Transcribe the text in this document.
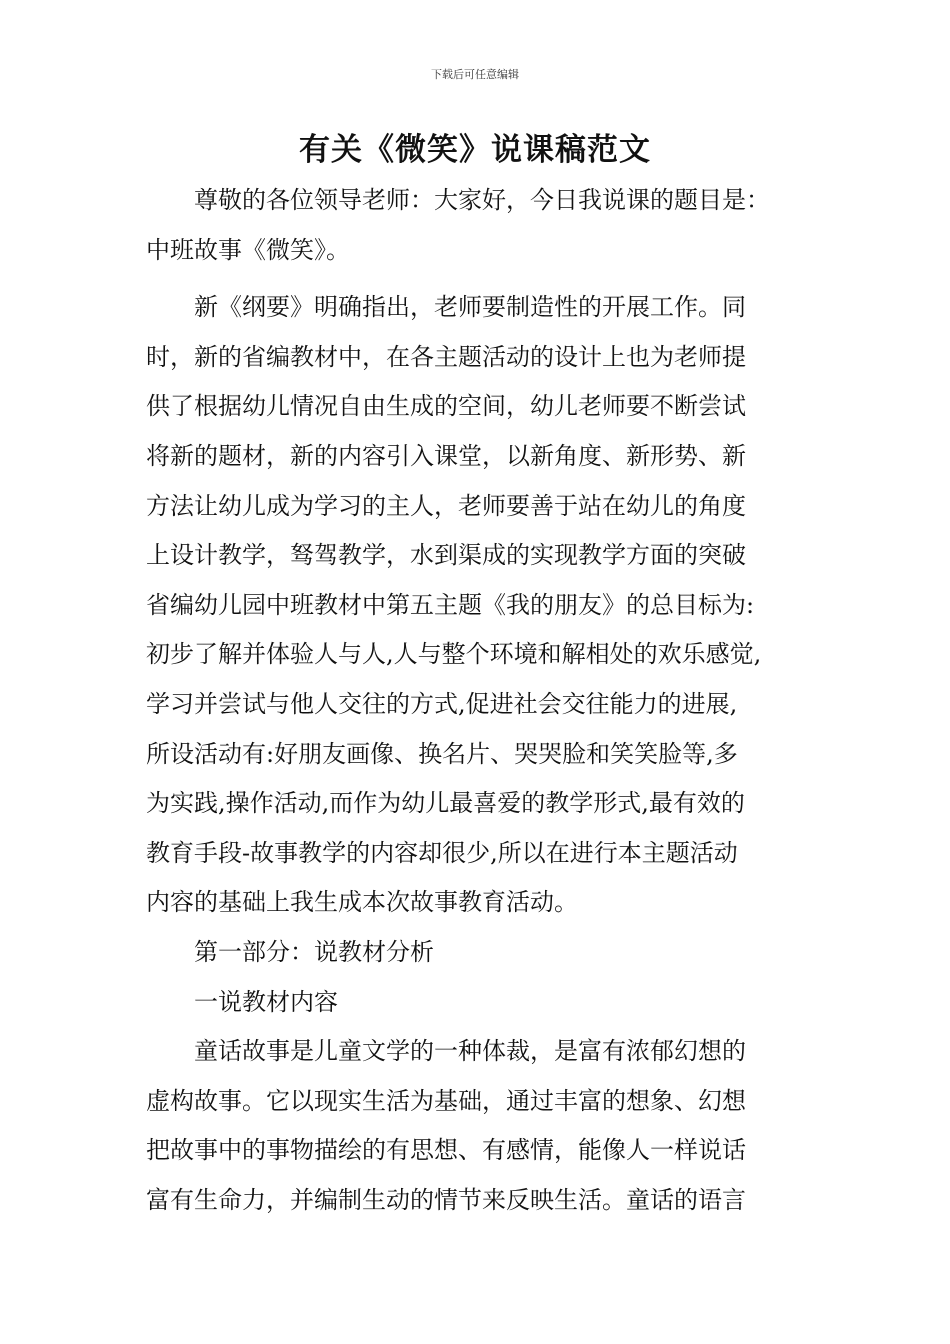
下载后可任意编辑
有关《微笑》说课稿范文
尊敬的各位领导老师：大家好，今日我说课的题目是：
中班故事《微笑》。
新《纲要》明确指出，老师要制造性的开展工作。同
时，新的省编教材中，在各主题活动的设计上也为老师提
供了根据幼儿情况自由生成的空间，幼儿老师要不断尝试
将新的题材，新的内容引入课堂，以新角度、新形势、新
方法让幼儿成为学习的主人，老师要善于站在幼儿的角度
上设计教学，驽驾教学，水到渠成的实现教学方面的突破
省编幼儿园中班教材中第五主题《我的朋友》的总目标为:
初步了解并体验人与人,人与整个环境和解相处的欢乐感觉,
学习并尝试与他人交往的方式,促进社会交往能力的进展,
所设活动有:好朋友画像、换名片、哭哭脸和笑笑脸等,多
为实践,操作活动,而作为幼儿最喜爱的教学形式,最有效的
教育手段-故事教学的内容却很少,所以在进行本主题活动
内容的基础上我生成本次故事教育活动。
第一部分：说教材分析
一说教材内容
童话故事是儿童文学的一种体裁，是富有浓郁幻想的
虚构故事。它以现实生活为基础，通过丰富的想象、幻想
把故事中的事物描绘的有思想、有感情，能像人一样说话
富有生命力，并编制生动的情节来反映生活。童话的语言
